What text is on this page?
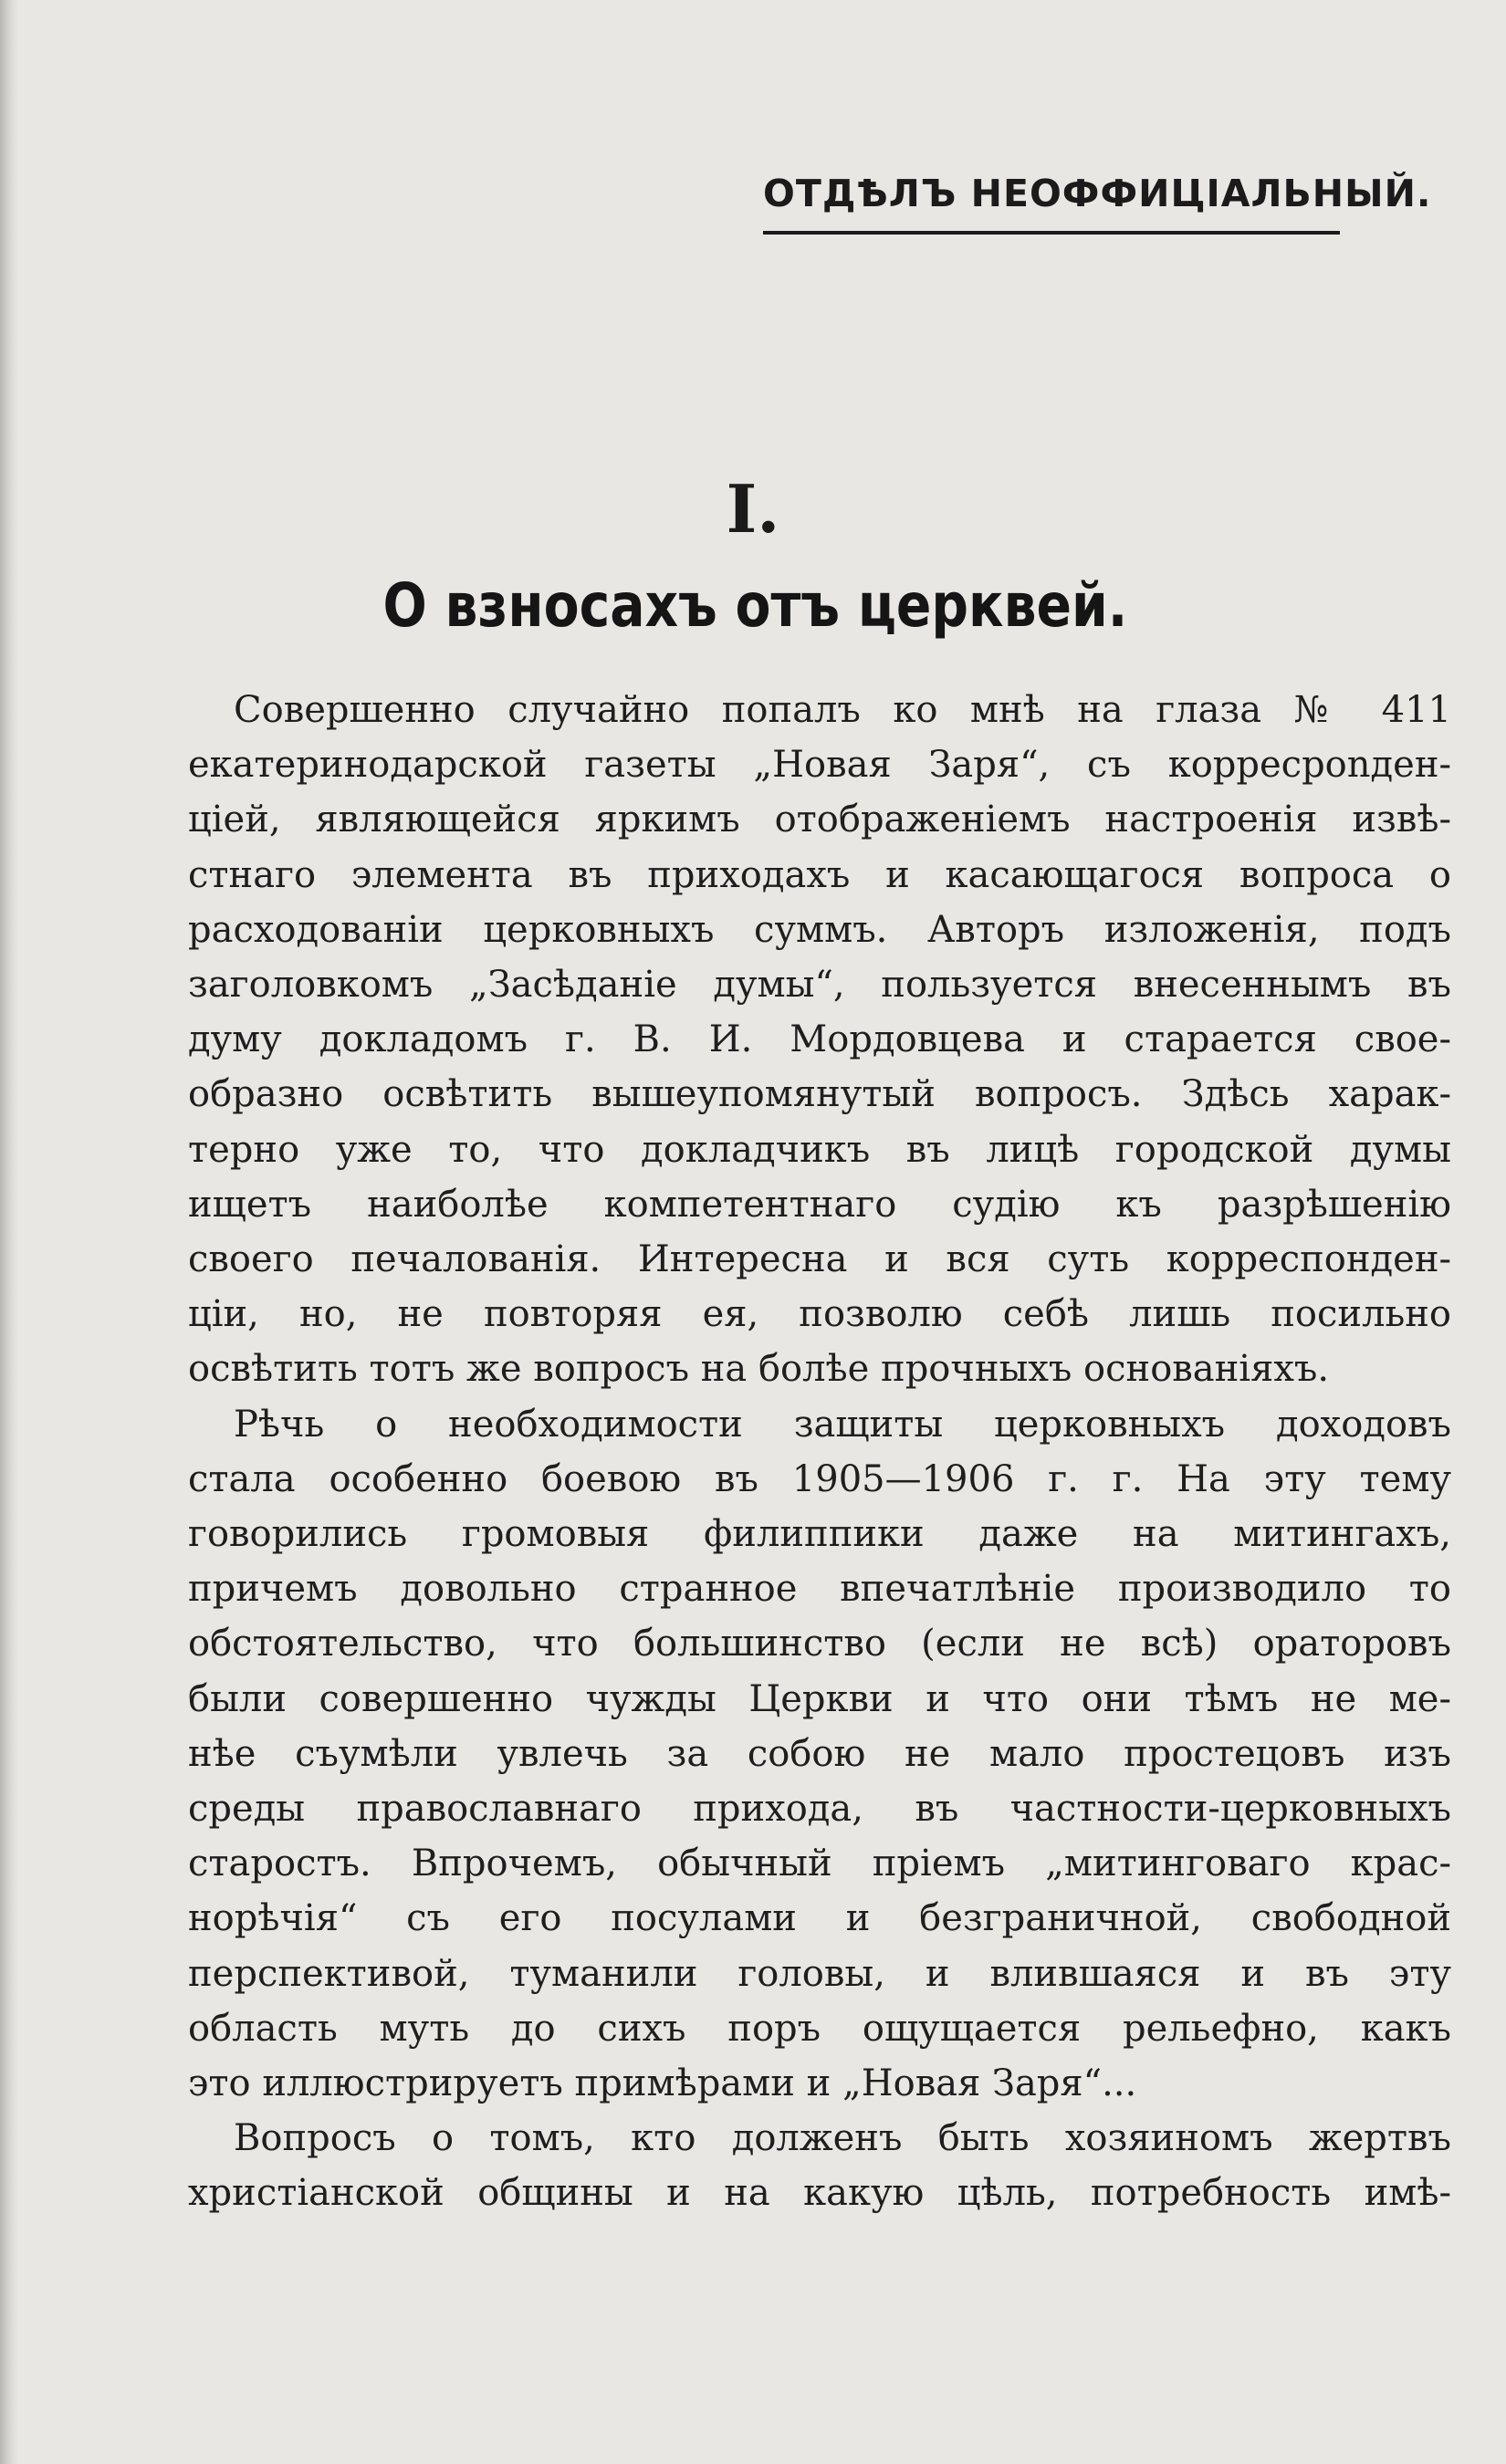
ОТДѢЛЪ НЕОФФИЦІАЛЬНЫЙ.
I.
О взносахъ отъ церквей.
Совершенно случайно попалъ ко мнѣ на глаза № 411
екатеринодарской газеты „Новая Заря“, съ корресponден-
ціей, являющейся яркимъ отображеніемъ настроенія извѣ-
стнаго элемента въ приходахъ и касающагося вопроса о
расходованіи церковныхъ суммъ. Авторъ изложенія, подъ
заголовкомъ „Засѣданіе думы“, пользуется внесеннымъ въ
думу докладомъ г. В. И. Мордовцева и старается свое-
образно освѣтить вышеупомянутый вопросъ. Здѣсь харак-
терно уже то, что докладчикъ въ лицѣ городской думы
ищетъ наиболѣе компетентнаго судію къ разрѣшенію
своего печалованія. Интересна и вся суть корреспонден-
ціи, но, не повторяя ея, позволю себѣ лишь посильно
освѣтить тотъ же вопросъ на болѣе прочныхъ основаніяхъ.
Рѣчь о необходимости защиты церковныхъ доходовъ
стала особенно боевою въ 1905—1906 г. г. На эту тему
говорились громовыя филиппики даже на митингахъ,
причемъ довольно странное впечатлѣніе производило то
обстоятельство, что большинство (если не всѣ) ораторовъ
были совершенно чужды Церкви и что они тѣмъ не ме-
нѣе съумѣли увлечь за собою не мало простецовъ изъ
среды православнаго прихода, въ частности-церковныхъ
старостъ. Впрочемъ, обычный пріемъ „митинговаго крас-
норѣчія“ съ его посулами и безграничной, свободной
перспективой, туманили головы, и влившаяся и въ эту
область муть до сихъ поръ ощущается рельефно, какъ
это иллюстрируетъ примѣрами и „Новая Заря“...
Вопросъ о томъ, кто долженъ быть хозяиномъ жертвъ
христіанской общины и на какую цѣль, потребность имѣ-
